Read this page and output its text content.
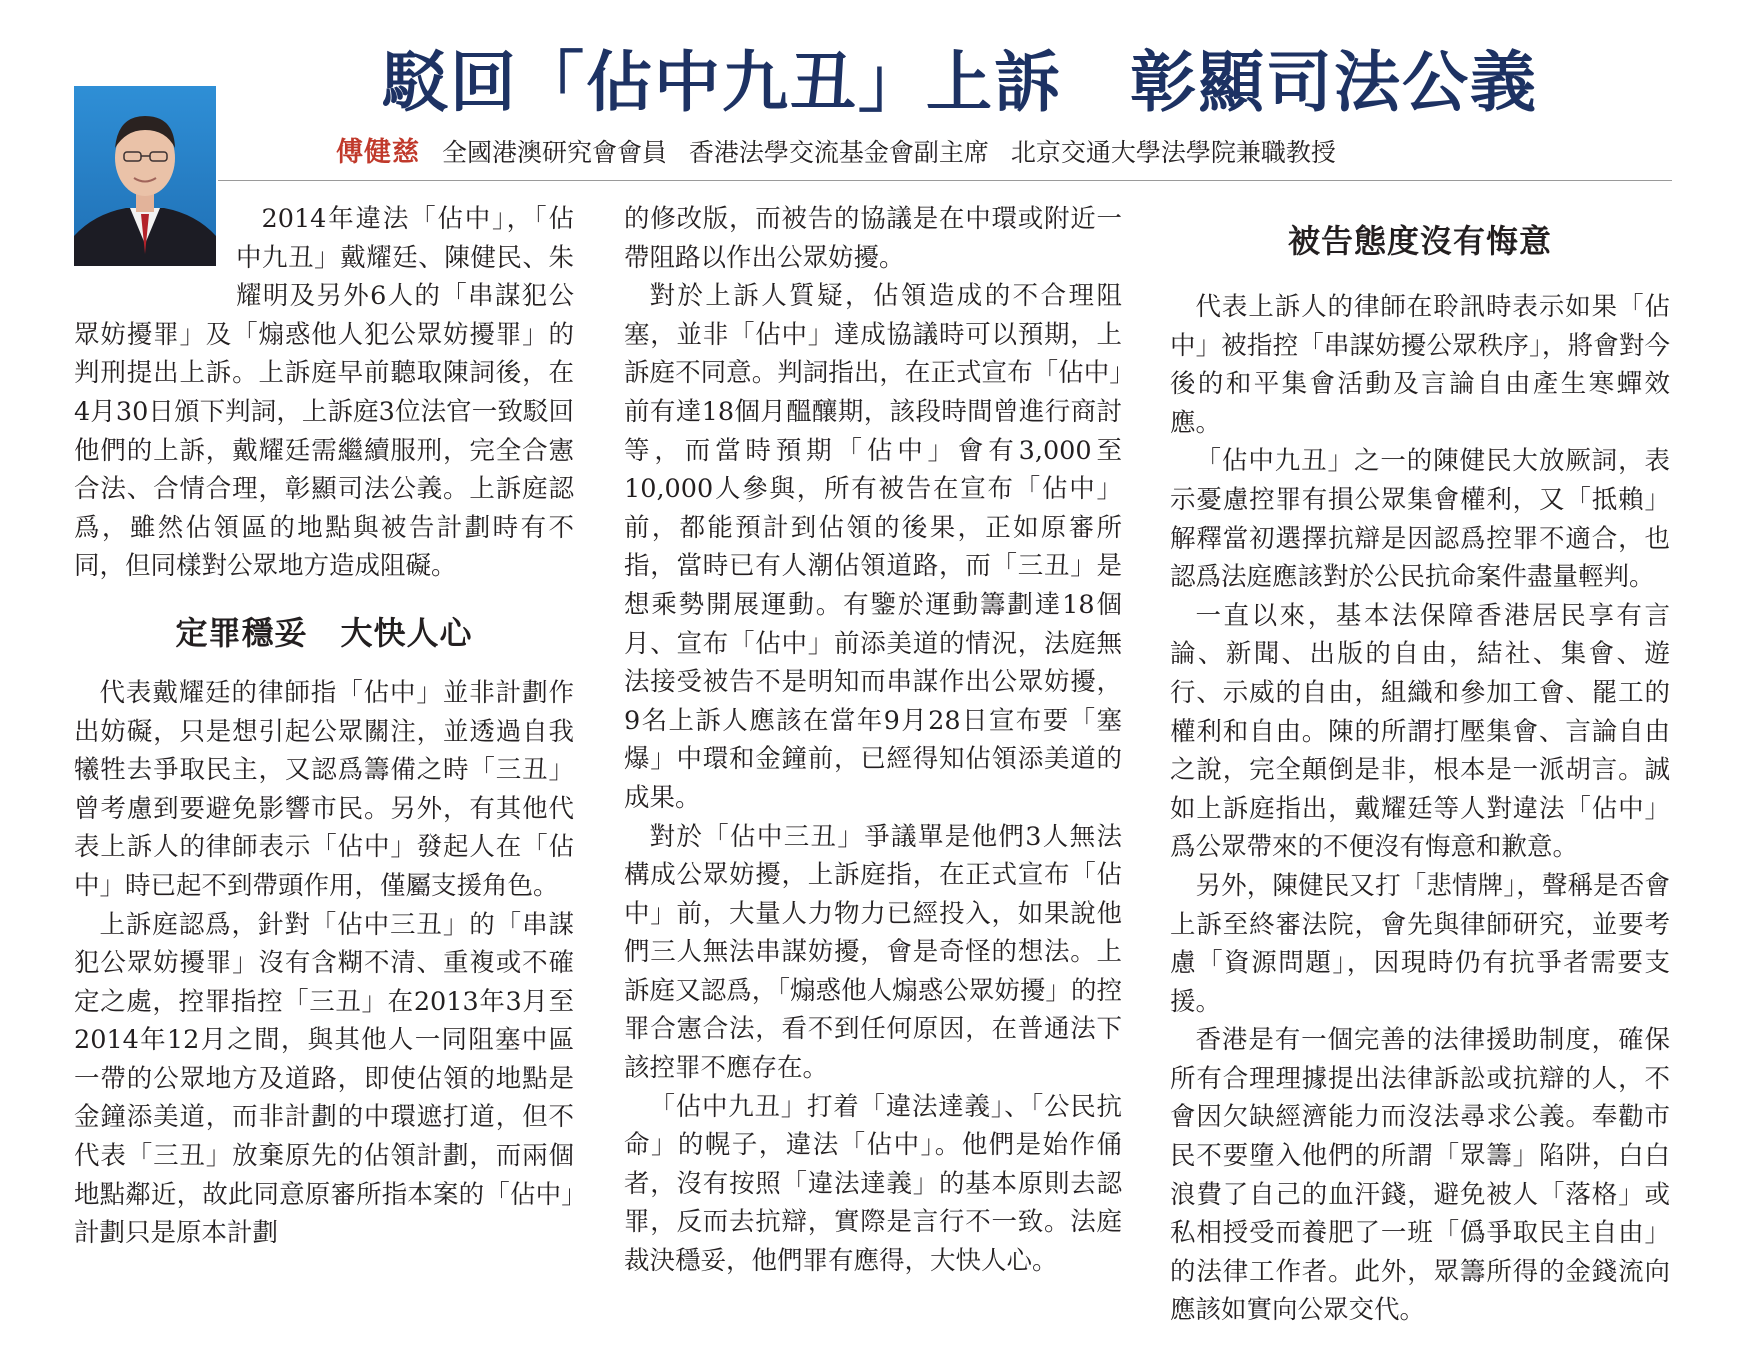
駁回「佔中九丑」上訴　彰顯司法公義
傅健慈 全國港澳研究會會員 香港法學交流基金會副主席 北京交通大學法學院兼職教授

2014年違法「佔中」，「佔中九丑」戴耀廷、陳健民、朱耀明及另外6人的「串謀犯公眾妨擾罪」及「煽惑他人犯公眾妨擾罪」的判刑提出上訴。上訴庭早前聽取陳詞後，在4月30日頒下判詞，上訴庭3位法官一致駁回他們的上訴，戴耀廷需繼續服刑，完全合憲合法、合情合理，彰顯司法公義。上訴庭認爲，雖然佔領區的地點與被告計劃時有不同，但同樣對公眾地方造成阻礙。

定罪穩妥　大快人心

代表戴耀廷的律師指「佔中」並非計劃作出妨礙，只是想引起公眾關注，並透過自我犧牲去爭取民主，又認爲籌備之時「三丑」曾考慮到要避免影響市民。另外，有其他代表上訴人的律師表示「佔中」發起人在「佔中」時已起不到帶頭作用，僅屬支援角色。

上訴庭認爲，針對「佔中三丑」的「串謀犯公眾妨擾罪」沒有含糊不清、重複或不確定之處，控罪指控「三丑」在2013年3月至2014年12月之間，與其他人一同阻塞中區一帶的公眾地方及道路，即使佔領的地點是金鐘添美道，而非計劃的中環遮打道，但不代表「三丑」放棄原先的佔領計劃，而兩個地點鄰近，故此同意原審所指本案的「佔中」計劃只是原本計劃

的修改版，而被告的協議是在中環或附近一帶阻路以作出公眾妨擾。

對於上訴人質疑，佔領造成的不合理阻塞，並非「佔中」達成協議時可以預期，上訴庭不同意。判詞指出，在正式宣布「佔中」前有達18個月醞釀期，該段時間曾進行商討等，而當時預期「佔中」會有3,000至10,000人參與，所有被告在宣布「佔中」前，都能預計到佔領的後果，正如原審所指，當時已有人潮佔領道路，而「三丑」是想乘勢開展運動。有鑒於運動籌劃達18個月、宣布「佔中」前添美道的情況，法庭無法接受被告不是明知而串謀作出公眾妨擾，9名上訴人應該在當年9月28日宣布要「塞爆」中環和金鐘前，已經得知佔領添美道的成果。

對於「佔中三丑」爭議單是他們3人無法構成公眾妨擾，上訴庭指，在正式宣布「佔中」前，大量人力物力已經投入，如果說他們三人無法串謀妨擾，會是奇怪的想法。上訴庭又認爲，「煽惑他人煽惑公眾妨擾」的控罪合憲合法，看不到任何原因，在普通法下該控罪不應存在。

「佔中九丑」打着「違法達義」、「公民抗命」的幌子，違法「佔中」。他們是始作俑者，沒有按照「違法達義」的基本原則去認罪，反而去抗辯，實際是言行不一致。法庭裁決穩妥，他們罪有應得，大快人心。

被告態度沒有悔意

代表上訴人的律師在聆訊時表示如果「佔中」被指控「串謀妨擾公眾秩序」，將會對今後的和平集會活動及言論自由產生寒蟬效應。

「佔中九丑」之一的陳健民大放厥詞，表示憂慮控罪有損公眾集會權利，又「抵賴」解釋當初選擇抗辯是因認爲控罪不適合，也認爲法庭應該對於公民抗命案件盡量輕判。

一直以來，基本法保障香港居民享有言論、新聞、出版的自由，結社、集會、遊行、示威的自由，組織和參加工會、罷工的權利和自由。陳的所謂打壓集會、言論自由之說，完全顛倒是非，根本是一派胡言。誠如上訴庭指出，戴耀廷等人對違法「佔中」爲公眾帶來的不便沒有悔意和歉意。

另外，陳健民又打「悲情牌」，聲稱是否會上訴至終審法院，會先與律師研究，並要考慮「資源問題」，因現時仍有抗爭者需要支援。

香港是有一個完善的法律援助制度，確保所有合理理據提出法律訴訟或抗辯的人，不會因欠缺經濟能力而沒法尋求公義。奉勸市民不要墮入他們的所謂「眾籌」陷阱，白白浪費了自己的血汗錢，避免被人「落格」或私相授受而養肥了一班「僞爭取民主自由」的法律工作者。此外，眾籌所得的金錢流向應該如實向公眾交代。
